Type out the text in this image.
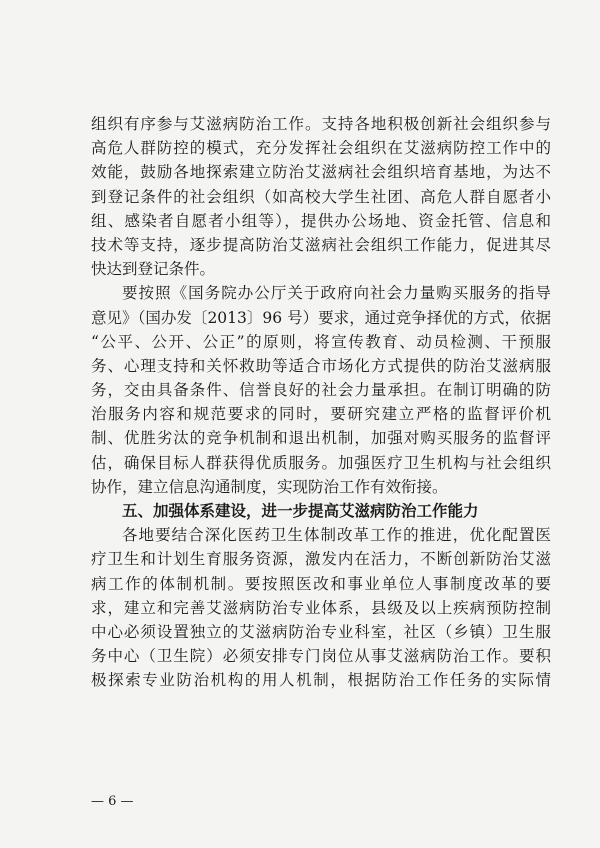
组织有序参与艾滋病防治工作。支持各地积极创新社会组织参与
高危人群防控的模式，充分发挥社会组织在艾滋病防控工作中的
效能，鼓励各地探索建立防治艾滋病社会组织培育基地，为达不
到登记条件的社会组织（如高校大学生社团、高危人群自愿者小
组、感染者自愿者小组等），提供办公场地、资金托管、信息和
技术等支持，逐步提高防治艾滋病社会组织工作能力，促进其尽
快达到登记条件。
要按照《国务院办公厅关于政府向社会力量购买服务的指导
意见》（国办发〔2013〕96 号）要求，通过竞争择优的方式，依据
“公平、公开、公正”的原则，将宣传教育、动员检测、干预服
务、心理支持和关怀救助等适合市场化方式提供的防治艾滋病服
务，交由具备条件、信誉良好的社会力量承担。在制订明确的防
治服务内容和规范要求的同时，要研究建立严格的监督评价机
制、优胜劣汰的竞争机制和退出机制，加强对购买服务的监督评
估，确保目标人群获得优质服务。加强医疗卫生机构与社会组织
协作，建立信息沟通制度，实现防治工作有效衔接。
五、加强体系建设，进一步提高艾滋病防治工作能力
各地要结合深化医药卫生体制改革工作的推进，优化配置医
疗卫生和计划生育服务资源，激发内在活力，不断创新防治艾滋
病工作的体制机制。要按照医改和事业单位人事制度改革的要
求，建立和完善艾滋病防治专业体系，县级及以上疾病预防控制
中心必须设置独立的艾滋病防治专业科室，社区（乡镇）卫生服
务中心（卫生院）必须安排专门岗位从事艾滋病防治工作。要积
极探索专业防治机构的用人机制，根据防治工作任务的实际情
— 6 —
